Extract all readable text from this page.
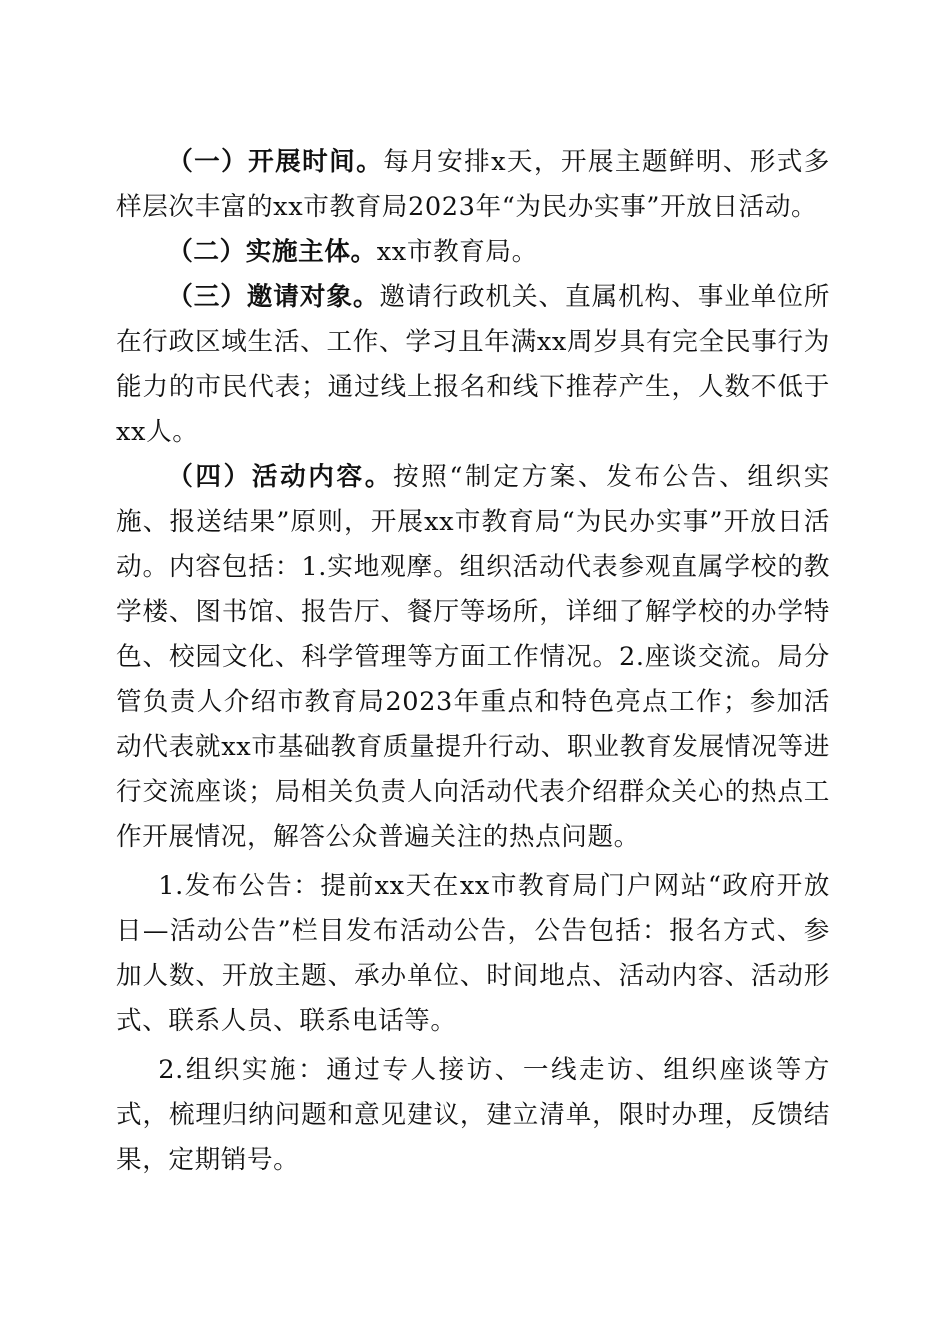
（一）开展时间。每月安排x天，开展主题鲜明、形式多样层次丰富的xx市教育局2023年“为民办实事”开放日活动。

（二）实施主体。xx市教育局。

（三）邀请对象。邀请行政机关、直属机构、事业单位所在行政区域生活、工作、学习且年满xx周岁具有完全民事行为能力的市民代表；通过线上报名和线下推荐产生，人数不低于xx人。

（四）活动内容。按照“制定方案、发布公告、组织实施、报送结果”原则，开展xx市教育局“为民办实事”开放日活动。内容包括：1.实地观摩。组织活动代表参观直属学校的教学楼、图书馆、报告厅、餐厅等场所，详细了解学校的办学特色、校园文化、科学管理等方面工作情况。2.座谈交流。局分管负责人介绍市教育局2023年重点和特色亮点工作；参加活动代表就xx市基础教育质量提升行动、职业教育发展情况等进行交流座谈；局相关负责人向活动代表介绍群众关心的热点工作开展情况，解答公众普遍关注的热点问题。

1.发布公告：提前xx天在xx市教育局门户网站“政府开放日—活动公告”栏目发布活动公告，公告包括：报名方式、参加人数、开放主题、承办单位、时间地点、活动内容、活动形式、联系人员、联系电话等。

2.组织实施：通过专人接访、一线走访、组织座谈等方式，梳理归纳问题和意见建议，建立清单，限时办理，反馈结果，定期销号。
